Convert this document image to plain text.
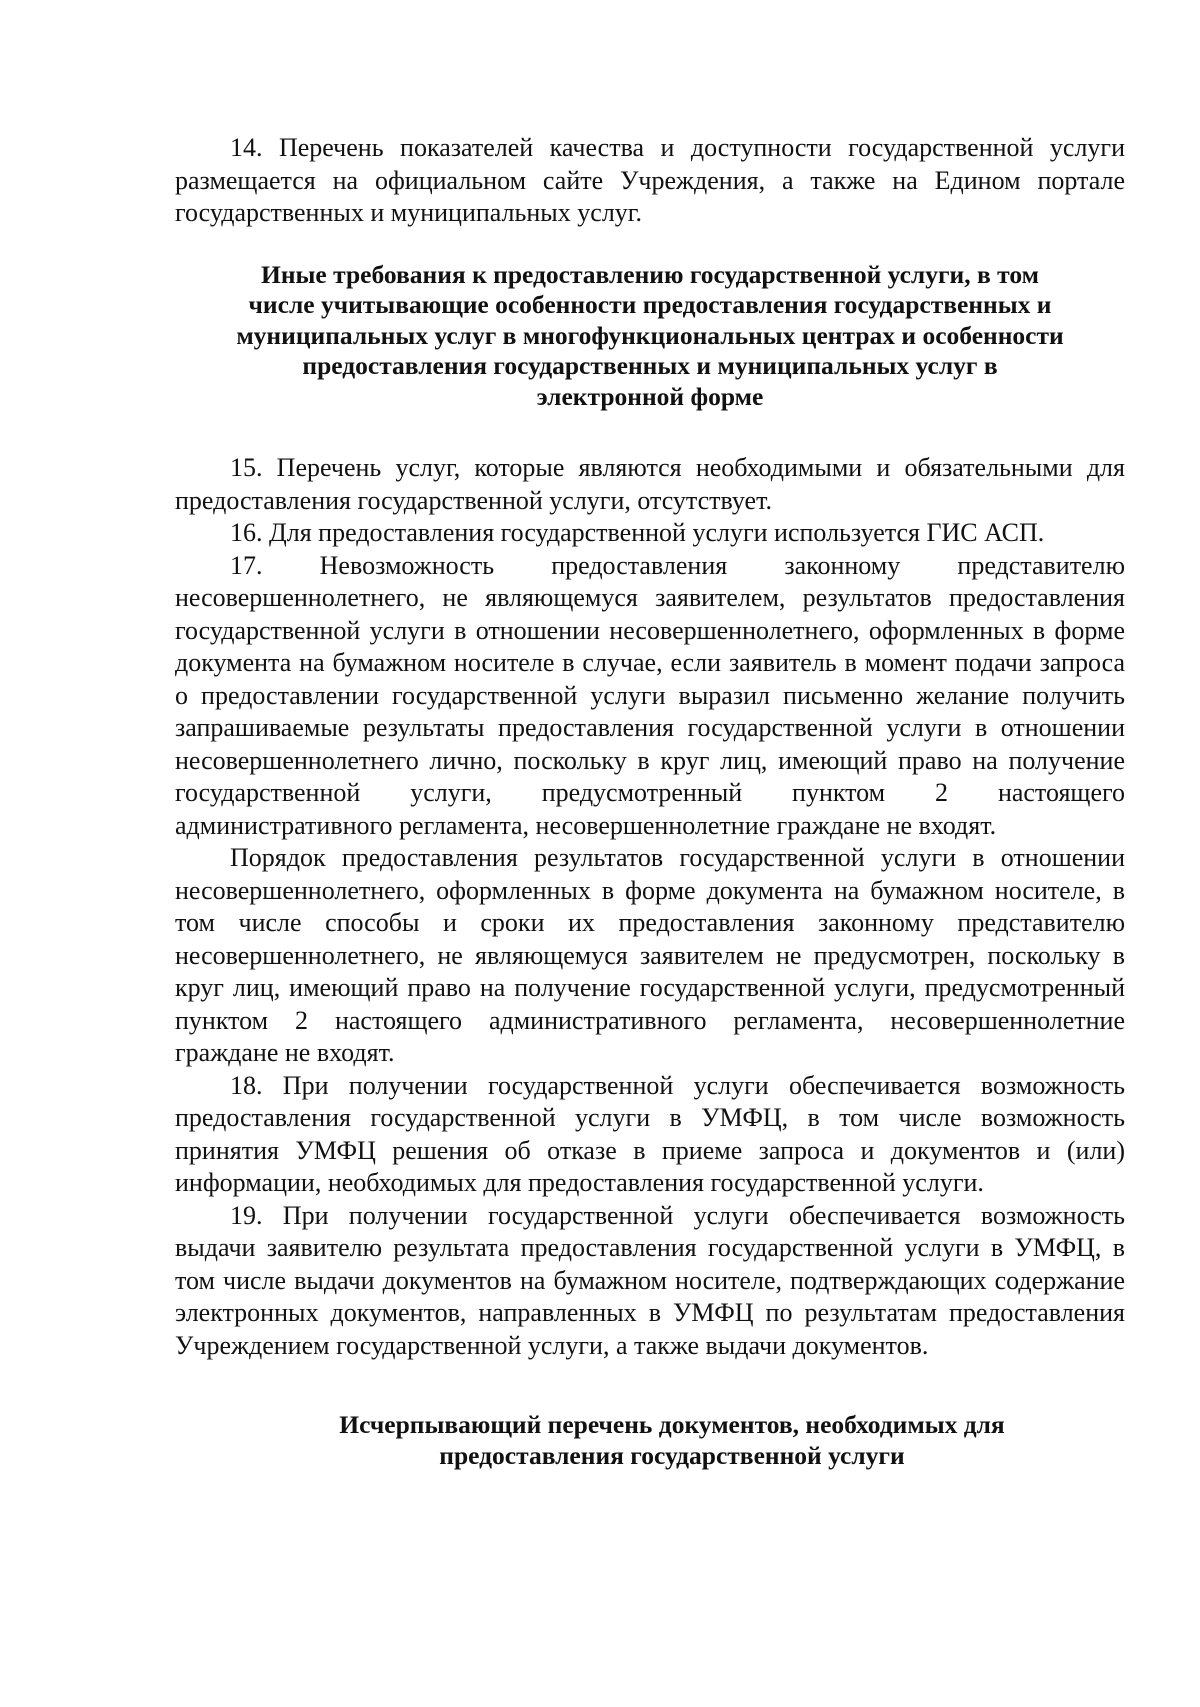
14. Перечень показателей качества и доступности государственной услуги размещается на официальном сайте Учреждения, а также на Едином портале государственных и муниципальных услуг.

Иные требования к предоставлению государственной услуги, в том
числе учитывающие особенности предоставления государственных и
муниципальных услуг в многофункциональных центрах и особенности
предоставления государственных и муниципальных услуг в
электронной форме

15. Перечень услуг, которые являются необходимыми и обязательными для предоставления государственной услуги, отсутствует.

16. Для предоставления государственной услуги используется ГИС АСП.

17. Невозможность предоставления законному представителю несовершеннолетнего, не являющемуся заявителем, результатов предоставления государственной услуги в отношении несовершеннолетнего, оформленных в форме документа на бумажном носителе в случае, если заявитель в момент подачи запроса о предоставлении государственной услуги выразил письменно желание получить запрашиваемые результаты предоставления государственной услуги в отношении несовершеннолетнего лично, поскольку в круг лиц, имеющий право на получение государственной услуги, предусмотренный пунктом 2 настоящего административного регламента, несовершеннолетние граждане не входят.

Порядок предоставления результатов государственной услуги в отношении несовершеннолетнего, оформленных в форме документа на бумажном носителе, в том числе способы и сроки их предоставления законному представителю несовершеннолетнего, не являющемуся заявителем не предусмотрен, поскольку в круг лиц, имеющий право на получение государственной услуги, предусмотренный пунктом 2 настоящего административного регламента, несовершеннолетние граждане не входят.

18. При получении государственной услуги обеспечивается возможность предоставления государственной услуги в УМФЦ, в том числе возможность принятия УМФЦ решения об отказе в приеме запроса и документов и (или) информации, необходимых для предоставления государственной услуги.

19. При получении государственной услуги обеспечивается возможность выдачи заявителю результата предоставления государственной услуги в УМФЦ, в том числе выдачи документов на бумажном носителе, подтверждающих содержание электронных документов, направленных в УМФЦ по результатам предоставления Учреждением государственной услуги, а также выдачи документов.

Исчерпывающий перечень документов, необходимых для
предоставления государственной услуги
